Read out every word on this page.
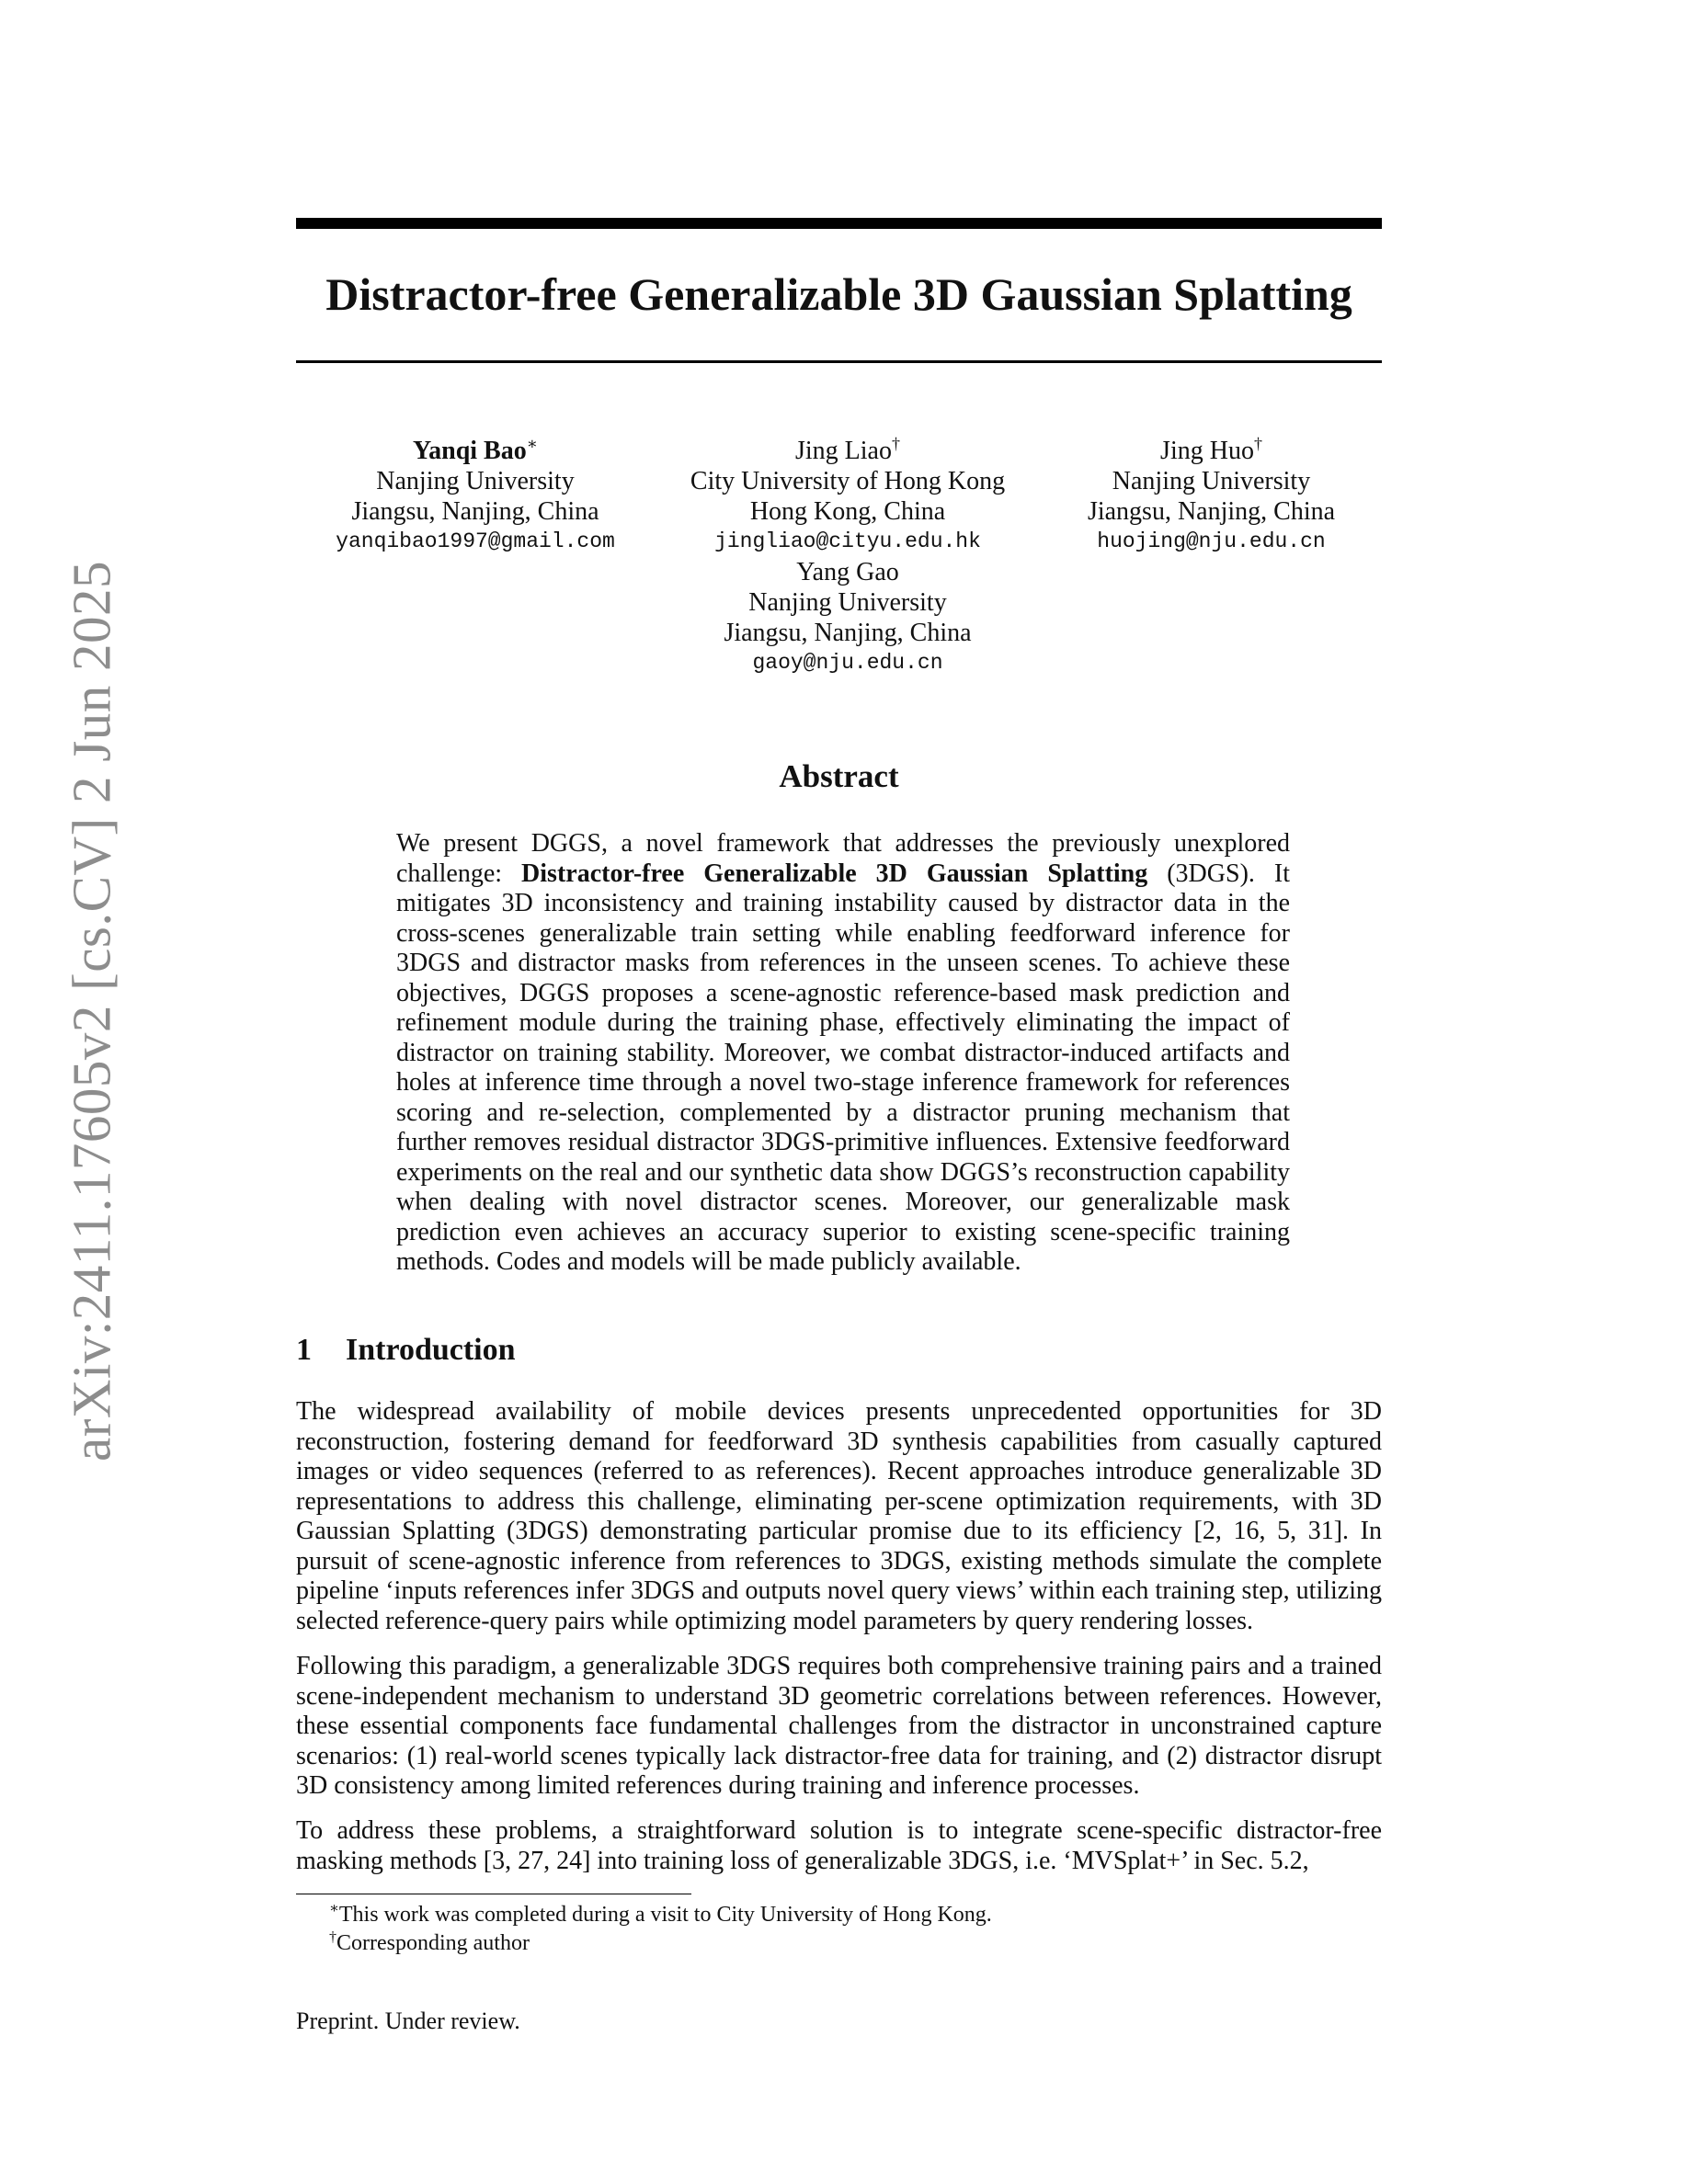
arXiv:2411.17605v2 [cs.CV] 2 Jun 2025
Distractor-free Generalizable 3D Gaussian Splatting
Yanqi Bao∗
Nanjing University
Jiangsu, Nanjing, China
yanqibao1997@gmail.com
Jing Liao†
City University of Hong Kong
Hong Kong, China
jingliao@cityu.edu.hk
Yang Gao
Nanjing University
Jiangsu, Nanjing, China
gaoy@nju.edu.cn
Jing Huo†
Nanjing University
Jiangsu, Nanjing, China
huojing@nju.edu.cn
Abstract

We present DGGS, a novel framework that addresses the previously unexplored challenge: Distractor-free Generalizable 3D Gaussian Splatting (3DGS). It mitigates 3D inconsistency and training instability caused by distractor data in the cross-scenes generalizable train setting while enabling feedforward inference for 3DGS and distractor masks from references in the unseen scenes. To achieve these objectives, DGGS proposes a scene-agnostic reference-based mask prediction and refinement module during the training phase, effectively eliminating the impact of distractor on training stability. Moreover, we combat distractor-induced artifacts and holes at inference time through a novel two-stage inference framework for references scoring and re-selection, complemented by a distractor pruning mechanism that further removes residual distractor 3DGS-primitive influences. Extensive feedforward experiments on the real and our synthetic data show DGGS’s reconstruction capability when dealing with novel distractor scenes. Moreover, our generalizable mask prediction even achieves an accuracy superior to existing scene-specific training methods. Codes and models will be made publicly available.

1 Introduction

The widespread availability of mobile devices presents unprecedented opportunities for 3D reconstruction, fostering demand for feedforward 3D synthesis capabilities from casually captured images or video sequences (referred to as references). Recent approaches introduce generalizable 3D representations to address this challenge, eliminating per-scene optimization requirements, with 3D Gaussian Splatting (3DGS) demonstrating particular promise due to its efficiency [2, 16, 5, 31]. In pursuit of scene-agnostic inference from references to 3DGS, existing methods simulate the complete pipeline ‘inputs references infer 3DGS and outputs novel query views’ within each training step, utilizing selected reference-query pairs while optimizing model parameters by query rendering losses.

Following this paradigm, a generalizable 3DGS requires both comprehensive training pairs and a trained scene-independent mechanism to understand 3D geometric correlations between references. However, these essential components face fundamental challenges from the distractor in unconstrained capture scenarios: (1) real-world scenes typically lack distractor-free data for training, and (2) distractor disrupt 3D consistency among limited references during training and inference processes.

To address these problems, a straightforward solution is to integrate scene-specific distractor-free masking methods [3, 27, 24] into training loss of generalizable 3DGS, i.e. ‘MVSplat+’ in Sec. 5.2,

∗This work was completed during a visit to City University of Hong Kong.

†Corresponding author

Preprint. Under review.
